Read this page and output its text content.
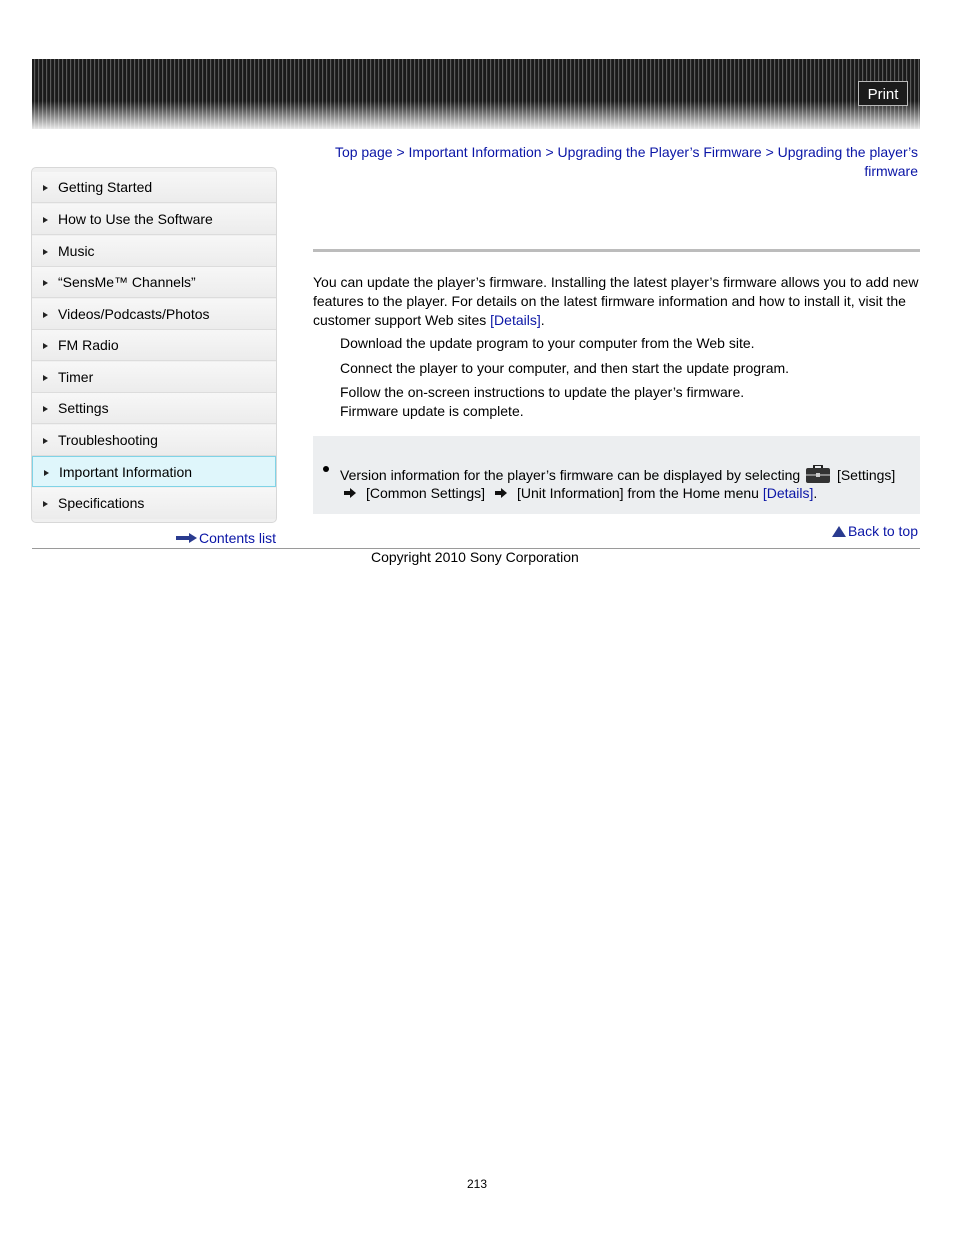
Print
Getting Started
How to Use the Software
Music
“SensMe™ Channels”
Videos/Podcasts/Photos
FM Radio
Timer
Settings
Troubleshooting
Important Information
Specifications
Contents list
Top page > Important Information > Upgrading the Player’s Firmware > Upgrading the player’s firmware
You can update the player’s firmware. Installing the latest player’s firmware allows you to add new features to the player. For details on the latest firmware information and how to install it, visit the customer support Web sites [Details].
Download the update program to your computer from the Web site.
Connect the player to your computer, and then start the update program.
Follow the on-screen instructions to update the player’s firmware.
Firmware update is complete.
Version information for the player’s firmware can be displayed by selecting	[Settings]
[Common Settings] [Unit Information] from the Home menu [Details].
Back to top
Copyright 2010 Sony Corporation
213
